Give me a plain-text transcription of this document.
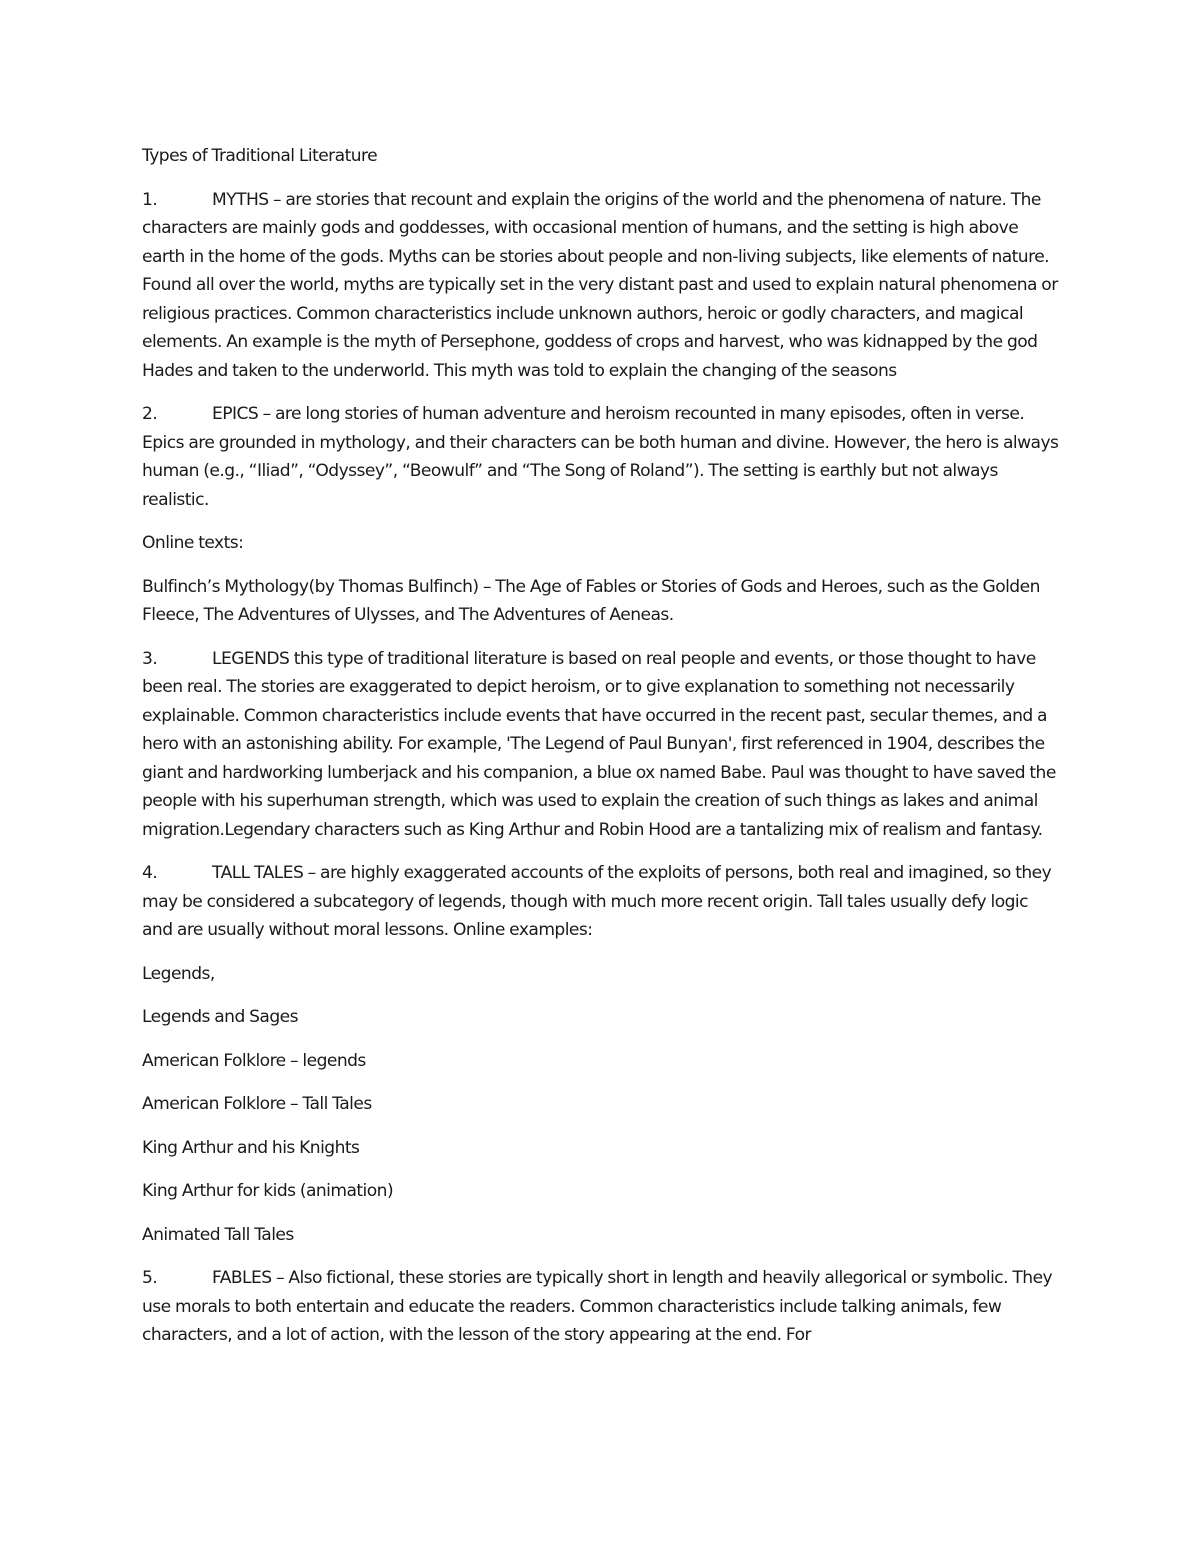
Types of Traditional Literature

1.	MYTHS – are stories that recount and explain the origins of the world and the phenomena of nature. The characters are mainly gods and goddesses, with occasional mention of humans, and the setting is high above earth in the home of the gods. Myths can be stories about people and non-living subjects, like elements of nature. Found all over the world, myths are typically set in the very distant past and used to explain natural phenomena or religious practices. Common characteristics include unknown authors, heroic or godly characters, and magical elements. An example is the myth of Persephone, goddess of crops and harvest, who was kidnapped by the god Hades and taken to the underworld. This myth was told to explain the changing of the seasons

2.	EPICS – are long stories of human adventure and heroism recounted in many episodes, often in verse. Epics are grounded in mythology, and their characters can be both human and divine. However, the hero is always human (e.g., “Iliad”, “Odyssey”, “Beowulf” and “The Song of Roland”). The setting is earthly but not always realistic.

Online texts:

Bulfinch’s Mythology(by Thomas Bulfinch) – The Age of Fables or Stories of Gods and Heroes, such as the Golden Fleece, The Adventures of Ulysses, and The Adventures of Aeneas.

3.	LEGENDS this type of traditional literature is based on real people and events, or those thought to have been real. The stories are exaggerated to depict heroism, or to give explanation to something not necessarily explainable. Common characteristics include events that have occurred in the recent past, secular themes, and a hero with an astonishing ability. For example, 'The Legend of Paul Bunyan', first referenced in 1904, describes the giant and hardworking lumberjack and his companion, a blue ox named Babe. Paul was thought to have saved the people with his superhuman strength, which was used to explain the creation of such things as lakes and animal migration.Legendary characters such as King Arthur and Robin Hood are a tantalizing mix of realism and fantasy.

4.	TALL TALES – are highly exaggerated accounts of the exploits of persons, both real and imagined, so they may be considered a subcategory of legends, though with much more recent origin. Tall tales usually defy logic and are usually without moral lessons. Online examples:

Legends,

Legends and Sages

American Folklore – legends

American Folklore – Tall Tales

King Arthur and his Knights

King Arthur for kids (animation)

Animated Tall Tales

5.	FABLES – Also fictional, these stories are typically short in length and heavily allegorical or symbolic. They use morals to both entertain and educate the readers. Common characteristics include talking animals, few characters, and a lot of action, with the lesson of the story appearing at the end. For
